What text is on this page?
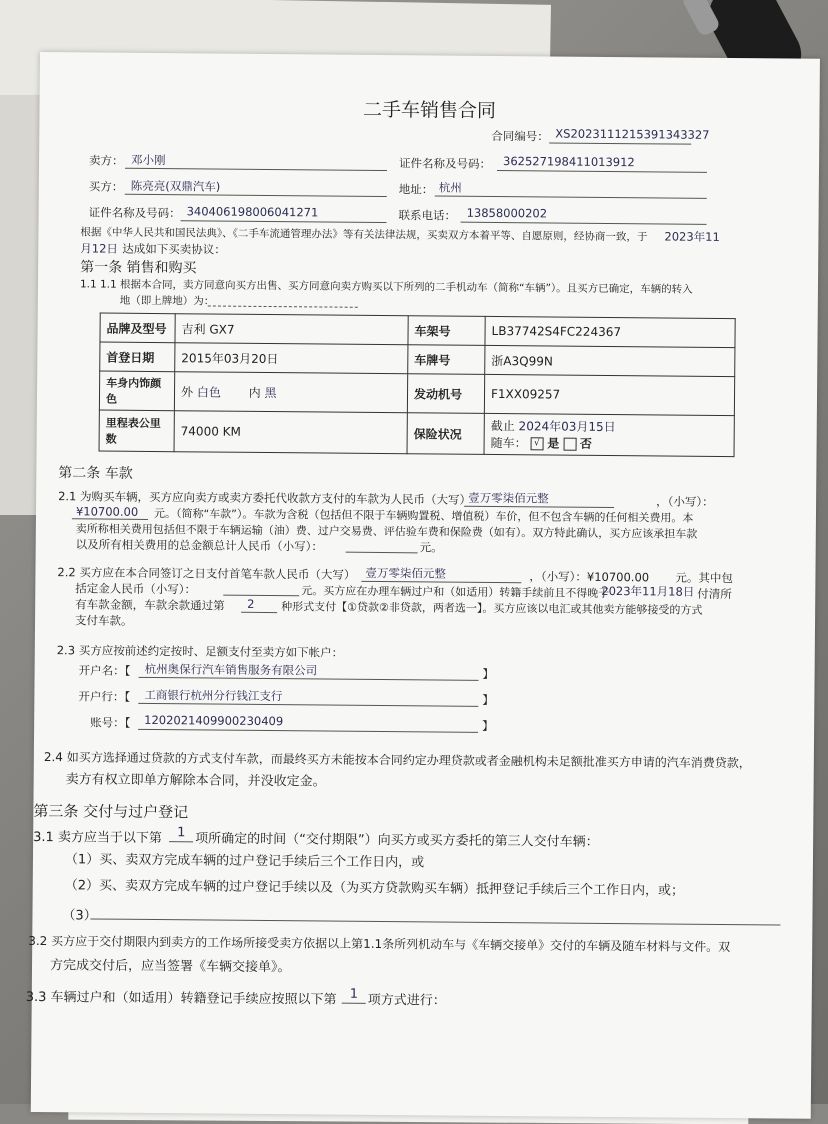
二手车销售合同
合同编号： XS2023111215391343327
卖方： 邓小刚	证件名称及号码： 362527198411013912
买方： 陈亮亮(双鼎汽车)	地址： 杭州
证件名称及号码： 340406198006041271	联系电话： 13858000202
根据《中华人民共和国民法典》、《二手车流通管理办法》等有关法律法规，买卖双方本着平等、自愿原则，经协商一致，于 2023年11
月12日 达成如下买卖协议：
第一条 销售和购买
1.1 1.1 根据本合同，卖方同意向买方出售、买方同意向卖方购买以下所列的二手机动车（简称“车辆”）。且买方已确定，车辆的转入
地（即上牌地）为：
品牌及型号	吉利 GX7	车架号	LB37742S4FC224367
首登日期	2015年03月20日	车牌号	浙A3Q99N
车身内饰颜色	外 白色 内 黑	发动机号	F1XX09257
里程表公里数	74000 KM	保险状况	截止 2024年03月15日
随车： √ 是 否
第二条 车款
2.1 为购买车辆，买方应向卖方或卖方委托代收款方支付的车款为人民币（大写）
壹万零柒佰元整	，（小写）：
¥10700.00 元。（简称“车款”）。车款为含税（包括但不限于车辆购置税、增值税）车价，但不包含车辆的任何相关费用。本
卖所称相关费用包括但不限于车辆运输（油）费、过户交易费、评估验车费和保险费（如有）。双方特此确认，买方应该承担车款
以及所有相关费用的总金额总计人民币（小写）：	元。
2.2 买方应在本合同签订之日支付首笔车款人民币（大写） 壹万零柒佰元整	，（小写）：¥10700.00 元。其中包
括定金人民币（小写）：	元。买方应在办理车辆过户和（如适用）转籍手续前且不得晚于
2023年11月18日 付清所
有车款金额，车款余款通过第 2 种形式支付【①贷款②非贷款，两者选一】。买方应该以电汇或其他卖方能够接受的方式
支付车款。
2.3 买方应按前述约定按时、足额支付至卖方如下帐户：
开户名：【 杭州奥保行汽车销售服务有限公司	】
开户行：【 工商银行杭州分行钱江支行	】
账号：【 1202021409900230409	】
2.4 如买方选择通过贷款的方式支付车款，而最终买方未能按本合同约定办理贷款或者金融机构未足额批准买方申请的汽车消费贷款，
卖方有权立即单方解除本合同，并没收定金。
第三条 交付与过户登记
3.1 卖方应当于以下第 1 项所确定的时间（“交付期限”）向买方或买方委托的第三人交付车辆：
（1）买、卖双方完成车辆的过户登记手续后三个工作日内，或
（2）买、卖双方完成车辆的过户登记手续以及（为买方贷款购买车辆）抵押登记手续后三个工作日内，或；
（3）
3.2 买方应于交付期限内到卖方的工作场所接受卖方依据以上第1.1条所列机动车与《车辆交接单》交付的车辆及随车材料与文件。双
方完成交付后，应当签署《车辆交接单》。
3.3 车辆过户和（如适用）转籍登记手续应按照以下第 1 项方式进行：
